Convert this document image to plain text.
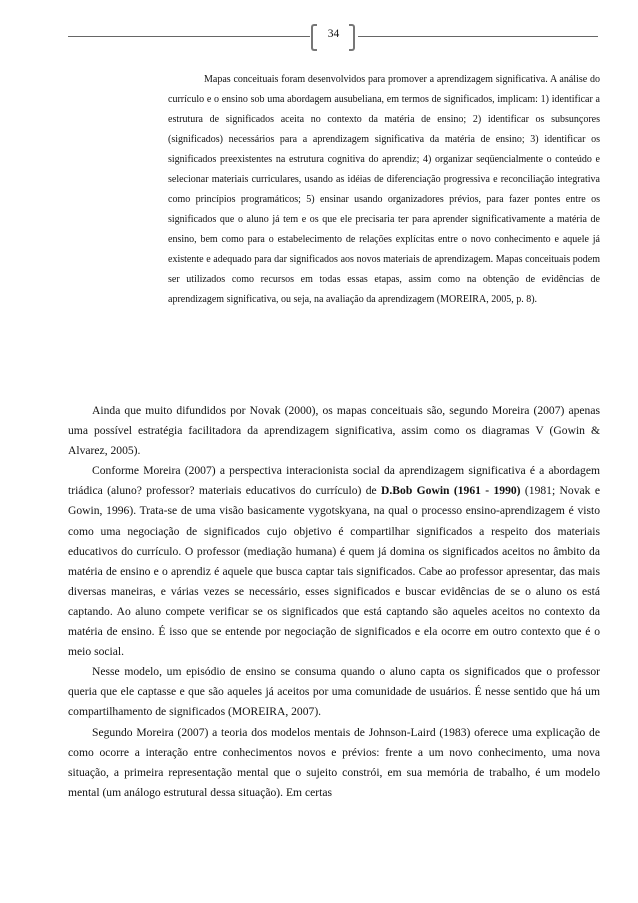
34

Mapas conceituais foram desenvolvidos para promover a aprendizagem significativa. A análise do currículo e o ensino sob uma abordagem ausubeliana, em termos de significados, implicam: 1) identificar a estrutura de significados aceita no contexto da matéria de ensino; 2) identificar os subsunçores (significados) necessários para a aprendizagem significativa da matéria de ensino; 3) identificar os significados preexistentes na estrutura cognitiva do aprendiz; 4) organizar seqüencialmente o conteúdo e selecionar materiais curriculares, usando as idéias de diferenciação progressiva e reconciliação integrativa como princípios programáticos; 5) ensinar usando organizadores prévios, para fazer pontes entre os significados que o aluno já tem e os que ele precisaria ter para aprender significativamente a matéria de ensino, bem como para o estabelecimento de relações explícitas entre o novo conhecimento e aquele já existente e adequado para dar significados aos novos materiais de aprendizagem. Mapas conceituais podem ser utilizados como recursos em todas essas etapas, assim como na obtenção de evidências de aprendizagem significativa, ou seja, na avaliação da aprendizagem (MOREIRA, 2005, p. 8).

Ainda que muito difundidos por Novak (2000), os mapas conceituais são, segundo Moreira (2007) apenas uma possível estratégia facilitadora da aprendizagem significativa, assim como os diagramas V (Gowin & Alvarez, 2005).

Conforme Moreira (2007) a perspectiva interacionista social da aprendizagem significativa é a abordagem triádica (aluno? professor? materiais educativos do currículo) de D.Bob Gowin (1961 - 1990) (1981; Novak e Gowin, 1996). Trata-se de uma visão basicamente vygotskyana, na qual o processo ensino-aprendizagem é visto como uma negociação de significados cujo objetivo é compartilhar significados a respeito dos materiais educativos do currículo. O professor (mediação humana) é quem já domina os significados aceitos no âmbito da matéria de ensino e o aprendiz é aquele que busca captar tais significados. Cabe ao professor apresentar, das mais diversas maneiras, e várias vezes se necessário, esses significados e buscar evidências de se o aluno os está captando. Ao aluno compete verificar se os significados que está captando são aqueles aceitos no contexto da matéria de ensino. É isso que se entende por negociação de significados e ela ocorre em outro contexto que é o meio social.

Nesse modelo, um episódio de ensino se consuma quando o aluno capta os significados que o professor queria que ele captasse e que são aqueles já aceitos por uma comunidade de usuários. É nesse sentido que há um compartilhamento de significados (MOREIRA, 2007).

Segundo Moreira (2007) a teoria dos modelos mentais de Johnson-Laird (1983) oferece uma explicação de como ocorre a interação entre conhecimentos novos e prévios: frente a um novo conhecimento, uma nova situação, a primeira representação mental que o sujeito constrói, em sua memória de trabalho, é um modelo mental (um análogo estrutural dessa situação). Em certas
